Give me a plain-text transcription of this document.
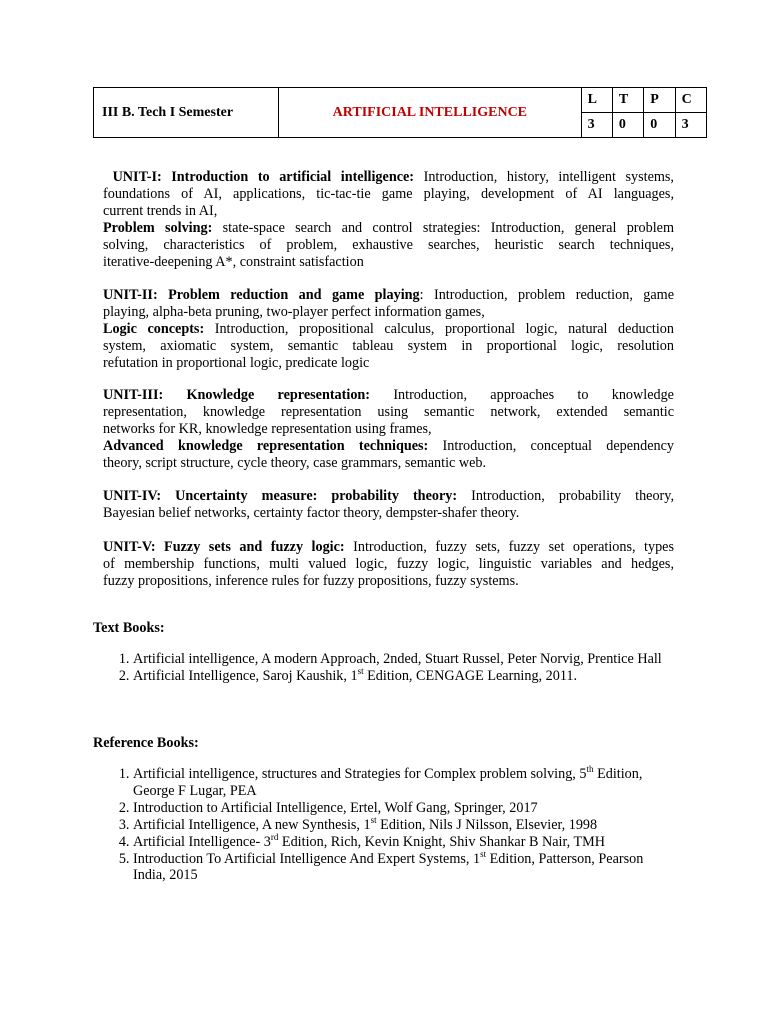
III B. Tech I Semester	ARTIFICIAL INTELLIGENCE	L	T	P	C
		3	0	0	3
UNIT-I: Introduction to artificial intelligence: Introduction, history, intelligent systems,
foundations of AI, applications, tic-tac-tie game playing, development of AI languages,
current trends in AI,
Problem solving: state-space search and control strategies: Introduction, general problem
solving, characteristics of problem, exhaustive searches, heuristic search techniques,
iterative-deepening A*, constraint satisfaction
UNIT-II: Problem reduction and game playing: Introduction, problem reduction, game
playing, alpha-beta pruning, two-player perfect information games,
Logic concepts: Introduction, propositional calculus, proportional logic, natural deduction
system, axiomatic system, semantic tableau system in proportional logic, resolution
refutation in proportional logic, predicate logic
UNIT-III: Knowledge representation: Introduction, approaches to knowledge
representation, knowledge representation using semantic network, extended semantic
networks for KR, knowledge representation using frames,
Advanced knowledge representation techniques: Introduction, conceptual dependency
theory, script structure, cycle theory, case grammars, semantic web.
UNIT-IV: Uncertainty measure: probability theory: Introduction, probability theory,
Bayesian belief networks, certainty factor theory, dempster-shafer theory.
UNIT-V: Fuzzy sets and fuzzy logic: Introduction, fuzzy sets, fuzzy set operations, types
of membership functions, multi valued logic, fuzzy logic, linguistic variables and hedges,
fuzzy propositions, inference rules for fuzzy propositions, fuzzy systems.
Text Books:
1. Artificial intelligence, A modern Approach, 2nded, Stuart Russel, Peter Norvig, Prentice Hall
2. Artificial Intelligence, Saroj Kaushik, 1st Edition, CENGAGE Learning, 2011.
Reference Books:
1. Artificial intelligence, structures and Strategies for Complex problem solving, 5th Edition, George F Lugar, PEA
2. Introduction to Artificial Intelligence, Ertel, Wolf Gang, Springer, 2017
3. Artificial Intelligence, A new Synthesis, 1st Edition, Nils J Nilsson, Elsevier, 1998
4. Artificial Intelligence- 3rd Edition, Rich, Kevin Knight, Shiv Shankar B Nair, TMH
5. Introduction To Artificial Intelligence And Expert Systems, 1st Edition, Patterson, Pearson India, 2015
